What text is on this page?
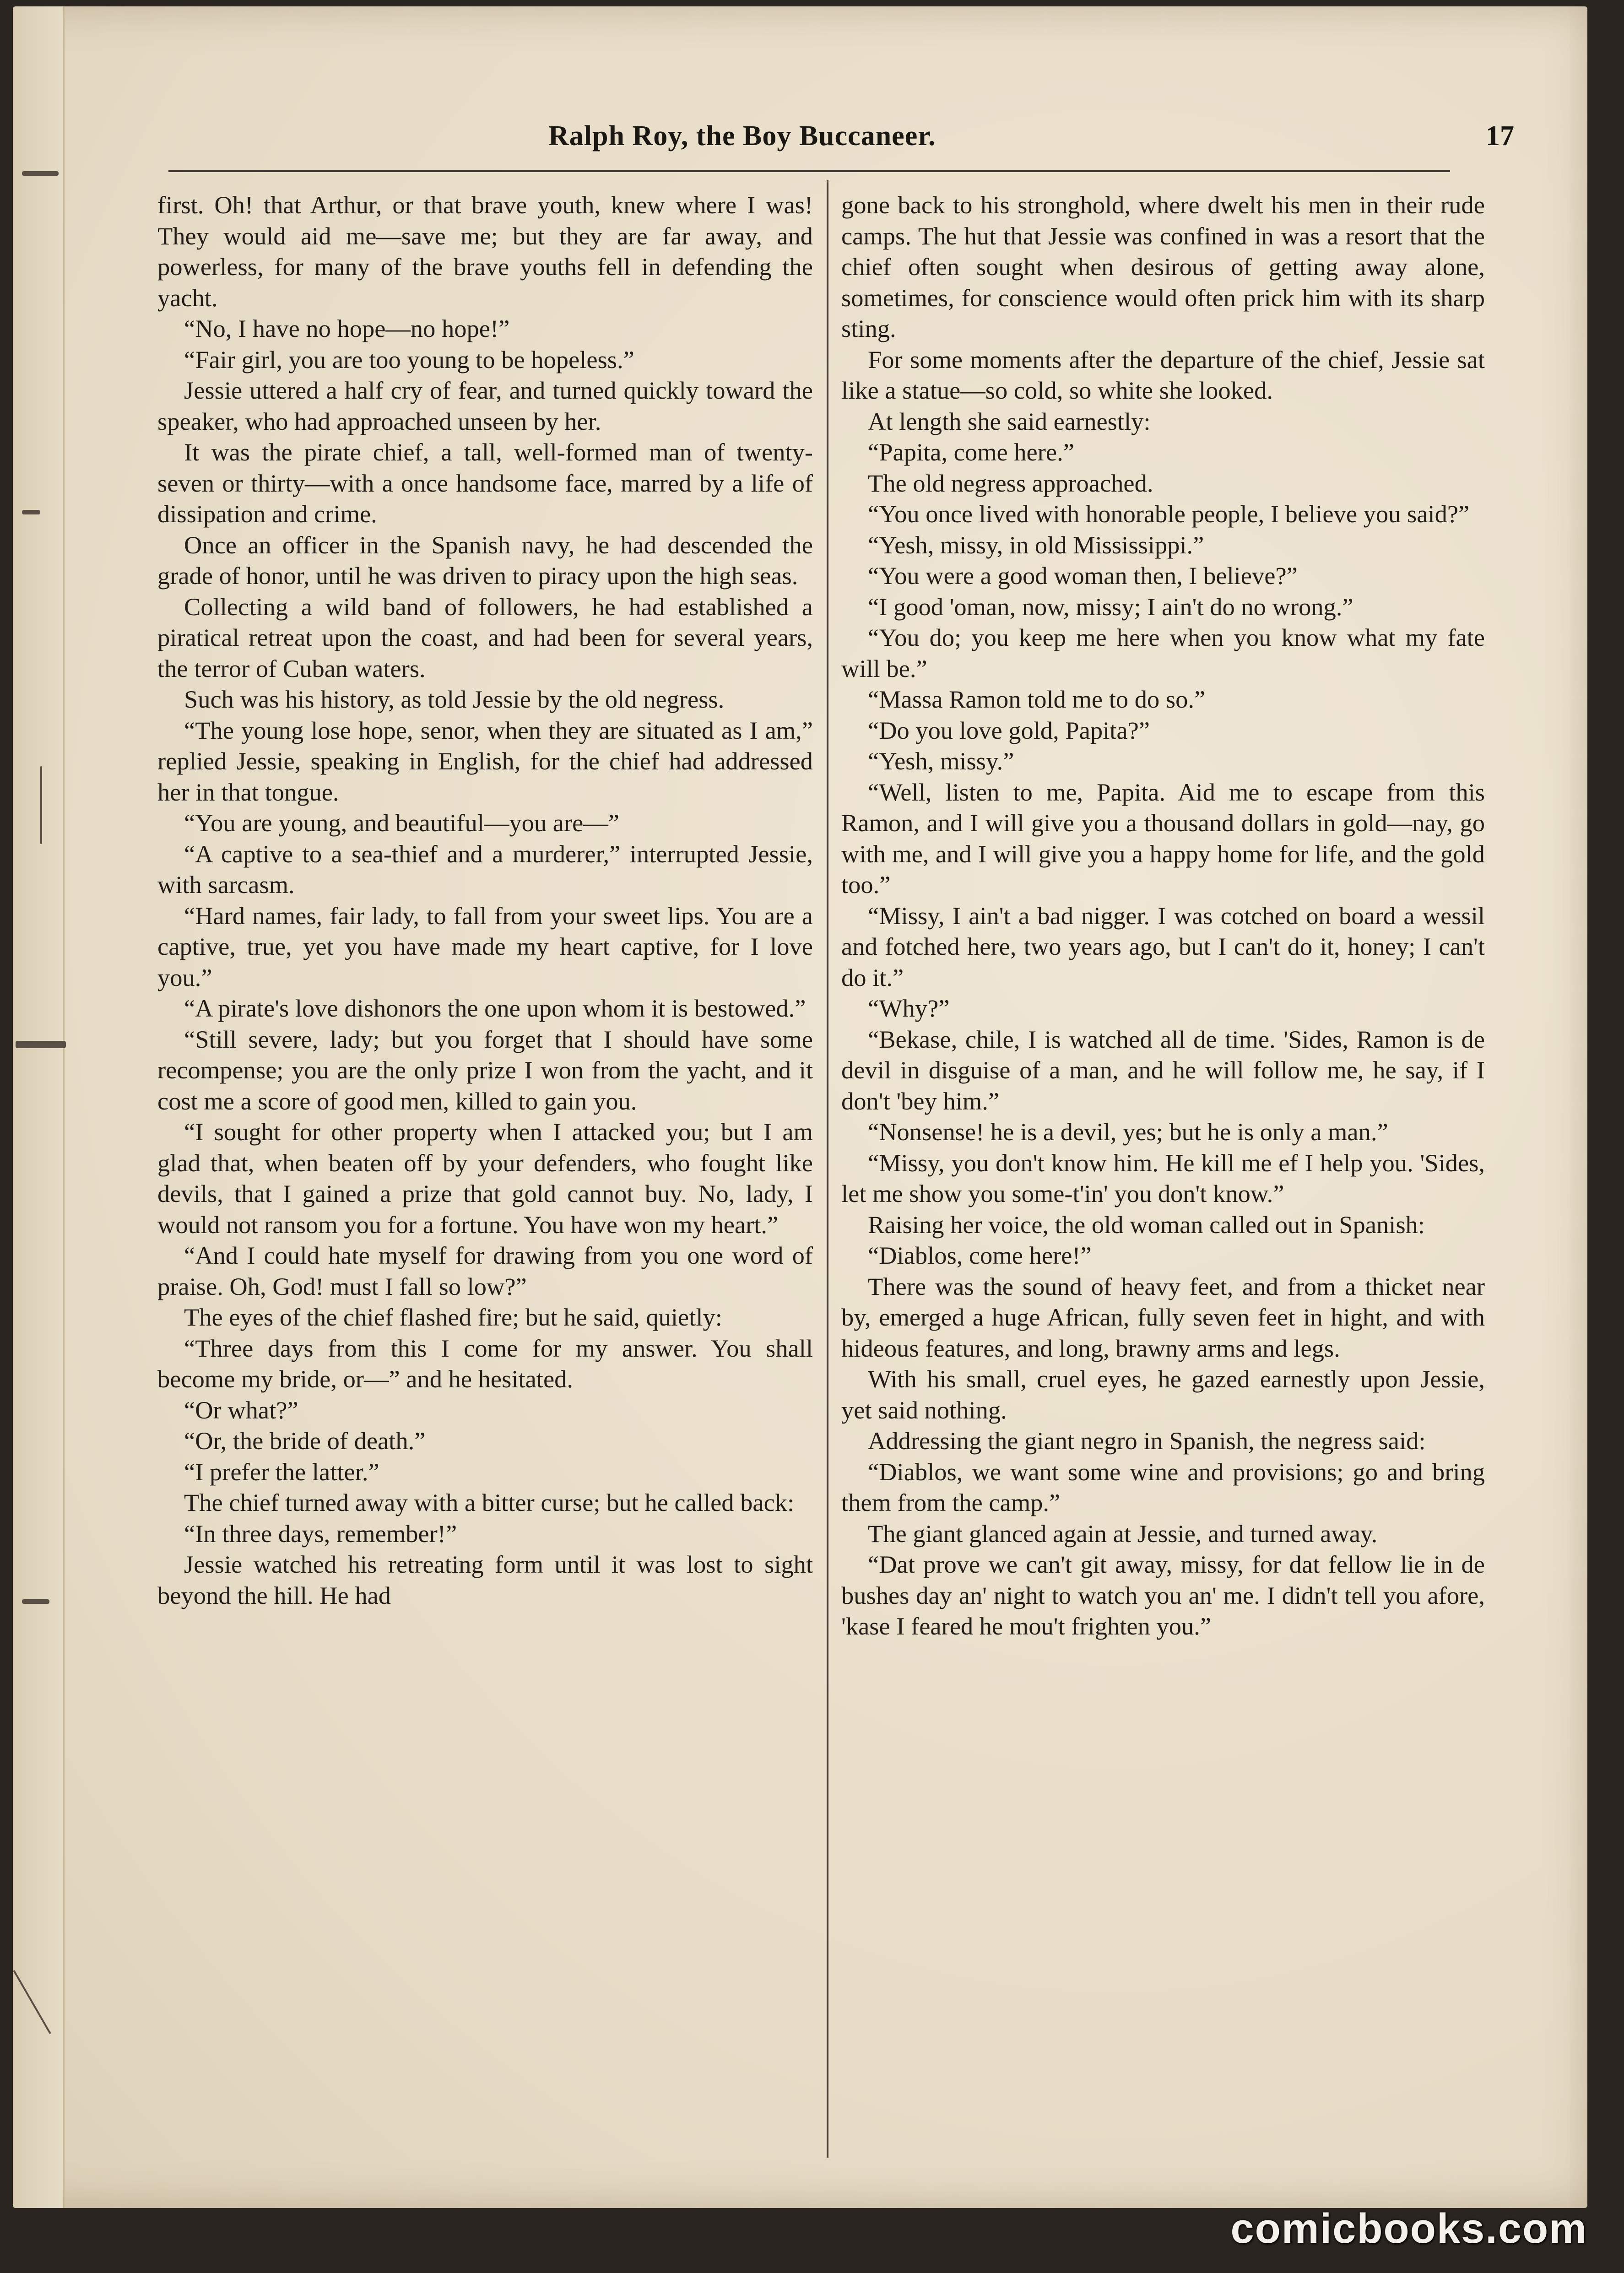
Ralph Roy, the Boy Buccaneer.	17

first. Oh! that Arthur, or that brave youth, knew where I was! They would aid me—save me; but they are far away, and powerless, for many of the brave youths fell in defending the yacht.

“No, I have no hope—no hope!”

“Fair girl, you are too young to be hopeless.”

Jessie uttered a half cry of fear, and turned quickly toward the speaker, who had approached unseen by her.

It was the pirate chief, a tall, well-formed man of twenty-seven or thirty—with a once handsome face, marred by a life of dissipation and crime.

Once an officer in the Spanish navy, he had descended the grade of honor, until he was driven to piracy upon the high seas.

Collecting a wild band of followers, he had established a piratical retreat upon the coast, and had been for several years, the terror of Cuban waters.

Such was his history, as told Jessie by the old negress.

“The young lose hope, senor, when they are situated as I am,” replied Jessie, speaking in English, for the chief had addressed her in that tongue.

“You are young, and beautiful—you are—”

“A captive to a sea-thief and a murderer,” interrupted Jessie, with sarcasm.

“Hard names, fair lady, to fall from your sweet lips. You are a captive, true, yet you have made my heart captive, for I love you.”

“A pirate's love dishonors the one upon whom it is bestowed.”

“Still severe, lady; but you forget that I should have some recompense; you are the only prize I won from the yacht, and it cost me a score of good men, killed to gain you.

“I sought for other property when I attacked you; but I am glad that, when beaten off by your defenders, who fought like devils, that I gained a prize that gold cannot buy. No, lady, I would not ransom you for a fortune. You have won my heart.”

“And I could hate myself for drawing from you one word of praise. Oh, God! must I fall so low?”

The eyes of the chief flashed fire; but he said, quietly:

“Three days from this I come for my answer. You shall become my bride, or—” and he hesitated.

“Or what?”

“Or, the bride of death.”

“I prefer the latter.”

The chief turned away with a bitter curse; but he called back:

“In three days, remember!”

Jessie watched his retreating form until it was lost to sight beyond the hill. He had

gone back to his stronghold, where dwelt his men in their rude camps. The hut that Jessie was confined in was a resort that the chief often sought when desirous of getting away alone, sometimes, for conscience would often prick him with its sharp sting.

For some moments after the departure of the chief, Jessie sat like a statue—so cold, so white she looked.

At length she said earnestly:

“Papita, come here.”

The old negress approached.

“You once lived with honorable people, I believe you said?”

“Yesh, missy, in old Mississippi.”

“You were a good woman then, I believe?”

“I good 'oman, now, missy; I ain't do no wrong.”

“You do; you keep me here when you know what my fate will be.”

“Massa Ramon told me to do so.”

“Do you love gold, Papita?”

“Yesh, missy.”

“Well, listen to me, Papita. Aid me to escape from this Ramon, and I will give you a thousand dollars in gold—nay, go with me, and I will give you a happy home for life, and the gold too.”

“Missy, I ain't a bad nigger. I was cotched on board a wessil and fotched here, two years ago, but I can't do it, honey; I can't do it.”

“Why?”

“Bekase, chile, I is watched all de time. 'Sides, Ramon is de devil in disguise of a man, and he will follow me, he say, if I don't 'bey him.”

“Nonsense! he is a devil, yes; but he is only a man.”

“Missy, you don't know him. He kill me ef I help you. 'Sides, let me show you some-t'in' you don't know.”

Raising her voice, the old woman called out in Spanish:

“Diablos, come here!”

There was the sound of heavy feet, and from a thicket near by, emerged a huge African, fully seven feet in hight, and with hideous features, and long, brawny arms and legs.

With his small, cruel eyes, he gazed earnestly upon Jessie, yet said nothing.

Addressing the giant negro in Spanish, the negress said:

“Diablos, we want some wine and provisions; go and bring them from the camp.”

The giant glanced again at Jessie, and turned away.

“Dat prove we can't git away, missy, for dat fellow lie in de bushes day an' night to watch you an' me. I didn't tell you afore, 'kase I feared he mou't frighten you.”

comicbooks.com
